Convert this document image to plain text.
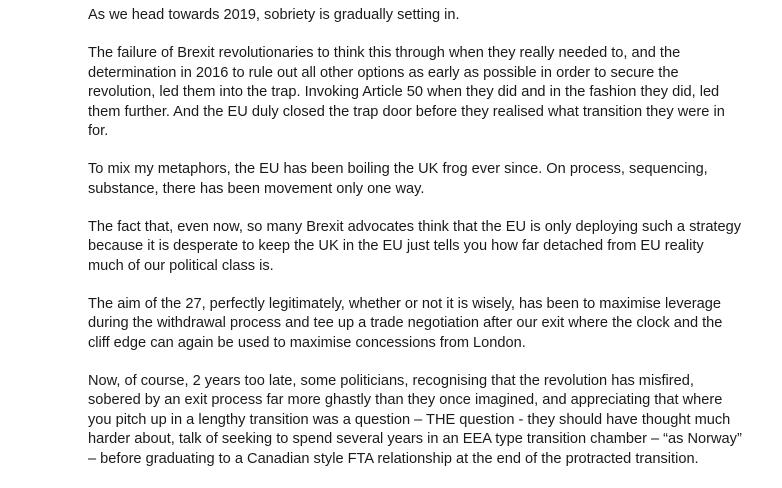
As we head towards 2019, sobriety is gradually setting in.

The failure of Brexit revolutionaries to think this through when they really needed to, and the
determination in 2016 to rule out all other options as early as possible in order to secure the
revolution, led them into the trap. Invoking Article 50 when they did and in the fashion they did, led
them further. And the EU duly closed the trap door before they realised what transition they were in
for.

To mix my metaphors, the EU has been boiling the UK frog ever since. On process, sequencing,
substance, there has been movement only one way.

The fact that, even now, so many Brexit advocates think that the EU is only deploying such a strategy
because it is desperate to keep the UK in the EU just tells you how far detached from EU reality
much of our political class is.

The aim of the 27, perfectly legitimately, whether or not it is wisely, has been to maximise leverage
during the withdrawal process and tee up a trade negotiation after our exit where the clock and the
cliff edge can again be used to maximise concessions from London.

Now, of course, 2 years too late, some politicians, recognising that the revolution has misfired,
sobered by an exit process far more ghastly than they once imagined, and appreciating that where
you pitch up in a lengthy transition was a question – THE question - they should have thought much
harder about, talk of seeking to spend several years in an EEA type transition chamber – “as Norway”
– before graduating to a Canadian style FTA relationship at the end of the protracted transition.
